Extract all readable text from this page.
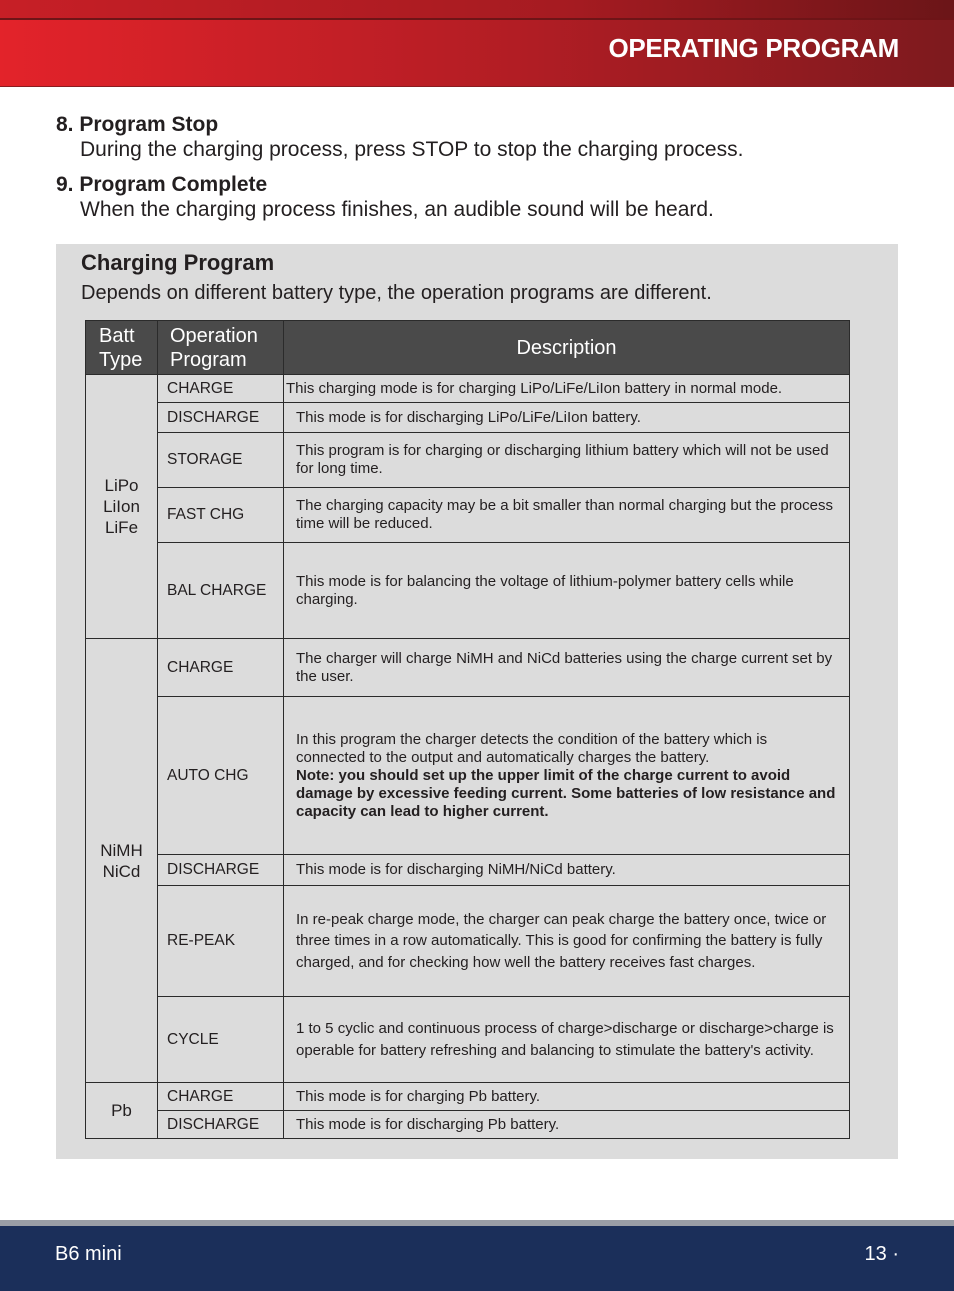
OPERATING PROGRAM
8. Program Stop
During the charging process, press STOP to stop the charging process.
9. Program Complete
When the charging process finishes, an audible sound will be heard.
Charging Program
Depends on different battery type, the operation programs are different.
Batt Type	Operation Program	Description

LiPo LiIon LiFe	CHARGE	This charging mode is for charging LiPo/LiFe/LiIon battery in normal mode.
	DISCHARGE	This mode is for discharging LiPo/LiFe/LiIon battery.
	STORAGE	This program is for charging or discharging lithium battery which will not be used for long time.
	FAST CHG	The charging capacity may be a bit smaller than normal charging but the process time will be reduced.
	BAL CHARGE	This mode is for balancing the voltage of lithium-polymer battery cells while charging.

NiMH NiCd	CHARGE	The charger will charge NiMH and NiCd batteries using the charge current set by the user.
	AUTO CHG	In this program the charger detects the condition of the battery which is connected to the output and automatically charges the battery.
Note: you should set up the upper limit of the charge current to avoid damage by excessive feeding current. Some batteries of low resistance and capacity can lead to higher current.
	DISCHARGE	This mode is for discharging NiMH/NiCd battery.
	RE-PEAK	In re-peak charge mode, the charger can peak charge the battery once, twice or three times in a row automatically. This is good for confirming the battery is fully charged, and for checking how well the battery receives fast charges.
	CYCLE	1 to 5 cyclic and continuous process of charge>discharge or discharge>charge is operable for battery refreshing and balancing to stimulate the battery's activity.
Pb	CHARGE	This mode is for charging Pb battery.
	DISCHARGE	This mode is for discharging Pb battery.
B6 mini	13 ·
